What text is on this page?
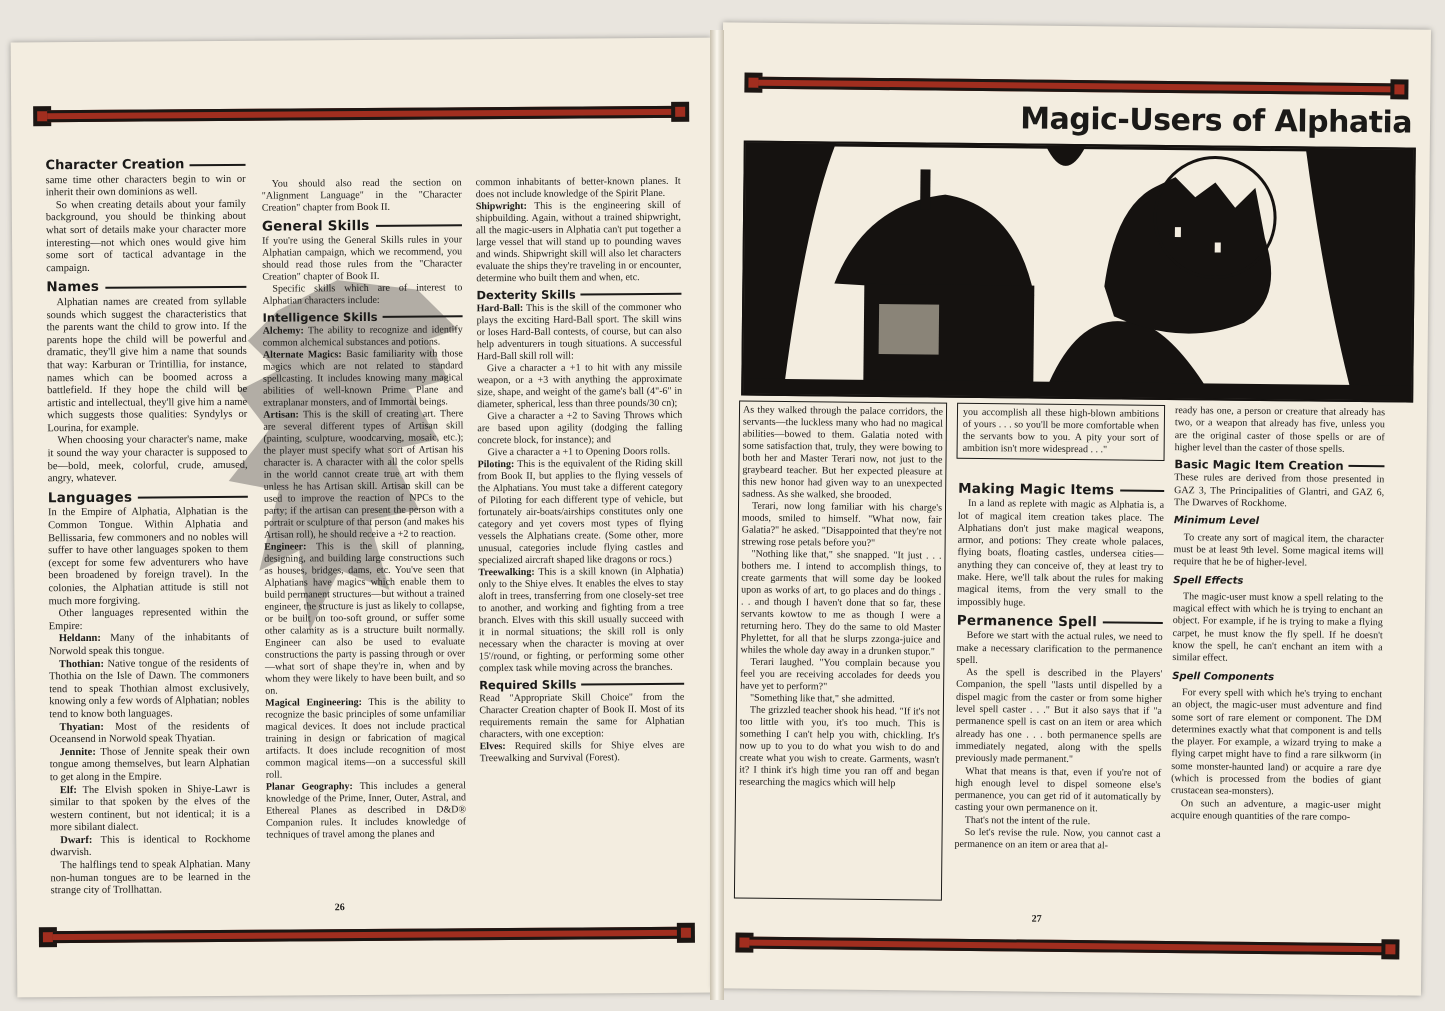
Character Creation

same time other characters begin to win or inherit their own dominions as well.

So when creating details about your family background, you should be thinking about what sort of details make your character more interesting—not which ones would give him some sort of tactical advantage in the campaign.

Names

Alphatian names are created from syllable sounds which suggest the characteristics that the parents want the child to grow into. If the parents hope the child will be powerful and dramatic, they'll give him a name that sounds that way: Karburan or Trintillia, for instance, names which can be boomed across a battlefield. If they hope the child will be artistic and intellectual, they'll give him a name which suggests those qualities: Syndylys or Lourina, for example.

When choosing your character's name, make it sound the way your character is supposed to be—bold, meek, colorful, crude, amused, angry, whatever.

Languages

In the Empire of Alphatia, Alphatian is the Common Tongue. Within Alphatia and Bellissaria, few commoners and no nobles will suffer to have other languages spoken to them (except for some few adventurers who have been broadened by foreign travel). In the colonies, the Alphatian attitude is still not much more forgiving.

Other languages represented within the Empire:

Heldann: Many of the inhabitants of Norwold speak this tongue.

Thothian: Native tongue of the residents of Thothia on the Isle of Dawn. The commoners tend to speak Thothian almost exclusively, knowing only a few words of Alphatian; nobles tend to know both languages.

Thyatian: Most of the residents of Oceansend in Norwold speak Thyatian.

Jennite: Those of Jennite speak their own tongue among themselves, but learn Alphatian to get along in the Empire.

Elf: The Elvish spoken in Shiye-Lawr is similar to that spoken by the elves of the western continent, but not identical; it is a more sibilant dialect.

Dwarf: This is identical to Rockhome dwarvish.

The halflings tend to speak Alphatian. Many non-human tongues are to be learned in the strange city of Trollhattan.

You should also read the section on "Alignment Language" in the "Character Creation" chapter from Book II.

General Skills

If you're using the General Skills rules in your Alphatian campaign, which we recommend, you should read those rules from the "Character Creation" chapter of Book II.

Specific skills which are of interest to Alphatian characters include:

Intelligence Skills

Alchemy: The ability to recognize and identify common alchemical substances and potions.

Alternate Magics: Basic familiarity with those magics which are not related to standard spellcasting. It includes knowing many magical abilities of well-known Prime Plane and extraplanar monsters, and of Immortal beings.

Artisan: This is the skill of creating art. There are several different types of Artisan skill (painting, sculpture, woodcarving, mosaic, etc.); the player must specify what sort of Artisan his character is. A character with all the color spells in the world cannot create true art with them unless he has Artisan skill. Artisan skill can be used to improve the reaction of NPCs to the party; if the artisan can present the person with a portrait or sculpture of that person (and makes his Artisan roll), he should receive a +2 to reaction.

Engineer: This is the skill of planning, designing, and building large constructions such as houses, bridges, dams, etc. You've seen that Alphatians have magics which enable them to build permanent structures—but without a trained engineer, the structure is just as likely to collapse, or be built on too-soft ground, or suffer some other calamity as is a structure built normally. Engineer can also be used to evaluate constructions the party is passing through or over—what sort of shape they're in, when and by whom they were likely to have been built, and so on.

Magical Engineering: This is the ability to recognize the basic principles of some unfamiliar magical devices. It does not include practical training in design or fabrication of magical artifacts. It does include recognition of most common magical items—on a successful skill roll.

Planar Geography: This includes a general knowledge of the Prime, Inner, Outer, Astral, and Ethereal Planes as described in D&D® Companion rules. It includes knowledge of techniques of travel among the planes and

common inhabitants of better-known planes. It does not include knowledge of the Spirit Plane.

Shipwright: This is the engineering skill of shipbuilding. Again, without a trained shipwright, all the magic-users in Alphatia can't put together a large vessel that will stand up to pounding waves and winds. Shipwright skill will also let characters evaluate the ships they're traveling in or encounter, determine who built them and when, etc.

Dexterity Skills

Hard-Ball: This is the skill of the commoner who plays the exciting Hard-Ball sport. The skill wins or loses Hard-Ball contests, of course, but can also help adventurers in tough situations. A successful Hard-Ball skill roll will:

Give a character a +1 to hit with any missile weapon, or a +3 with anything the approximate size, shape, and weight of the game's ball (4"-6" in diameter, spherical, less than three pounds/30 cn);

Give a character a +2 to Saving Throws which are based upon agility (dodging the falling concrete block, for instance); and

Give a character a +1 to Opening Doors rolls.

Piloting: This is the equivalent of the Riding skill from Book II, but applies to the flying vessels of the Alphatians. You must take a different category of Piloting for each different type of vehicle, but fortunately air-boats/airships constitutes only one category and yet covers most types of flying vessels the Alphatians create. (Some other, more unusual, categories include flying castles and specialized aircraft shaped like dragons or rocs.)

Treewalking: This is a skill known (in Alphatia) only to the Shiye elves. It enables the elves to stay aloft in trees, transferring from one closely-set tree to another, and working and fighting from a tree branch. Elves with this skill usually succeed with it in normal situations; the skill roll is only necessary when the character is moving at over 15'/round, or fighting, or performing some other complex task while moving across the branches.

Required Skills

Read "Appropriate Skill Choice" from the Character Creation chapter of Book II. Most of its requirements remain the same for Alphatian characters, with one exception:

Elves: Required skills for Shiye elves are Treewalking and Survival (Forest).

26
Magic-Users of Alphatia

As they walked through the palace corridors, the servants—the luckless many who had no magical abilities—bowed to them. Galatia noted with some satisfaction that, truly, they were bowing to both her and Master Terari now, not just to the graybeard teacher. But her expected pleasure at this new honor had given way to an unexpected sadness. As she walked, she brooded.

Terari, now long familiar with his charge's moods, smiled to himself. "What now, fair Galatia?" he asked. "Disappointed that they're not strewing rose petals before you?"

"Nothing like that," she snapped. "It just . . . bothers me. I intend to accomplish things, to create garments that will some day be looked upon as works of art, to go places and do things . . . and though I haven't done that so far, these servants kowtow to me as though I were a returning hero. They do the same to old Master Phylettet, for all that he slurps zzonga-juice and whiles the whole day away in a drunken stupor."

Terari laughed. "You complain because you feel you are receiving accolades for deeds you have yet to perform?"

"Something like that," she admitted.

The grizzled teacher shook his head. "If it's not too little with you, it's too much. This is something I can't help you with, chickling. It's now up to you to do what you wish to do and create what you wish to create. Garments, wasn't it? I think it's high time you ran off and began researching the magics which will help

you accomplish all these high-blown ambitions of yours . . . so you'll be more comfortable when the servants bow to you. A pity your sort of ambition isn't more widespread . . ."

Making Magic Items

In a land as replete with magic as Alphatia is, a lot of magical item creation takes place. The Alphatians don't just make magical weapons, armor, and potions: They create whole palaces, flying boats, floating castles, undersea cities—anything they can conceive of, they at least try to make. Here, we'll talk about the rules for making magical items, from the very small to the impossibly huge.

Permanence Spell

Before we start with the actual rules, we need to make a necessary clarification to the permanence spell.

As the spell is described in the Players' Companion, the spell "lasts until dispelled by a dispel magic from the caster or from some higher level spell caster . . ." But it also says that if "a permanence spell is cast on an item or area which already has one . . . both permanence spells are immediately negated, along with the spells previously made permanent."

What that means is that, even if you're not of high enough level to dispel someone else's permanence, you can get rid of it automatically by casting your own permanence on it.

That's not the intent of the rule.

So let's revise the rule. Now, you cannot cast a permanence on an item or area that al-

ready has one, a person or creature that already has two, or a weapon that already has five, unless you are the original caster of those spells or are of higher level than the caster of those spells.

Basic Magic Item Creation

These rules are derived from those presented in GAZ 3, The Principalities of Glantri, and GAZ 6, The Dwarves of Rockhome.

Minimum Level

To create any sort of magical item, the character must be at least 9th level. Some magical items will require that he be of higher-level.

Spell Effects

The magic-user must know a spell relating to the magical effect with which he is trying to enchant an object. For example, if he is trying to make a flying carpet, he must know the fly spell. If he doesn't know the spell, he can't enchant an item with a similar effect.

Spell Components

For every spell with which he's trying to enchant an object, the magic-user must adventure and find some sort of rare element or component. The DM determines exactly what that component is and tells the player. For example, a wizard trying to make a flying carpet might have to find a rare silkworm (in some monster-haunted land) or acquire a rare dye (which is processed from the bodies of giant crustacean sea-monsters).

On such an adventure, a magic-user might acquire enough quantities of the rare compo-

27
